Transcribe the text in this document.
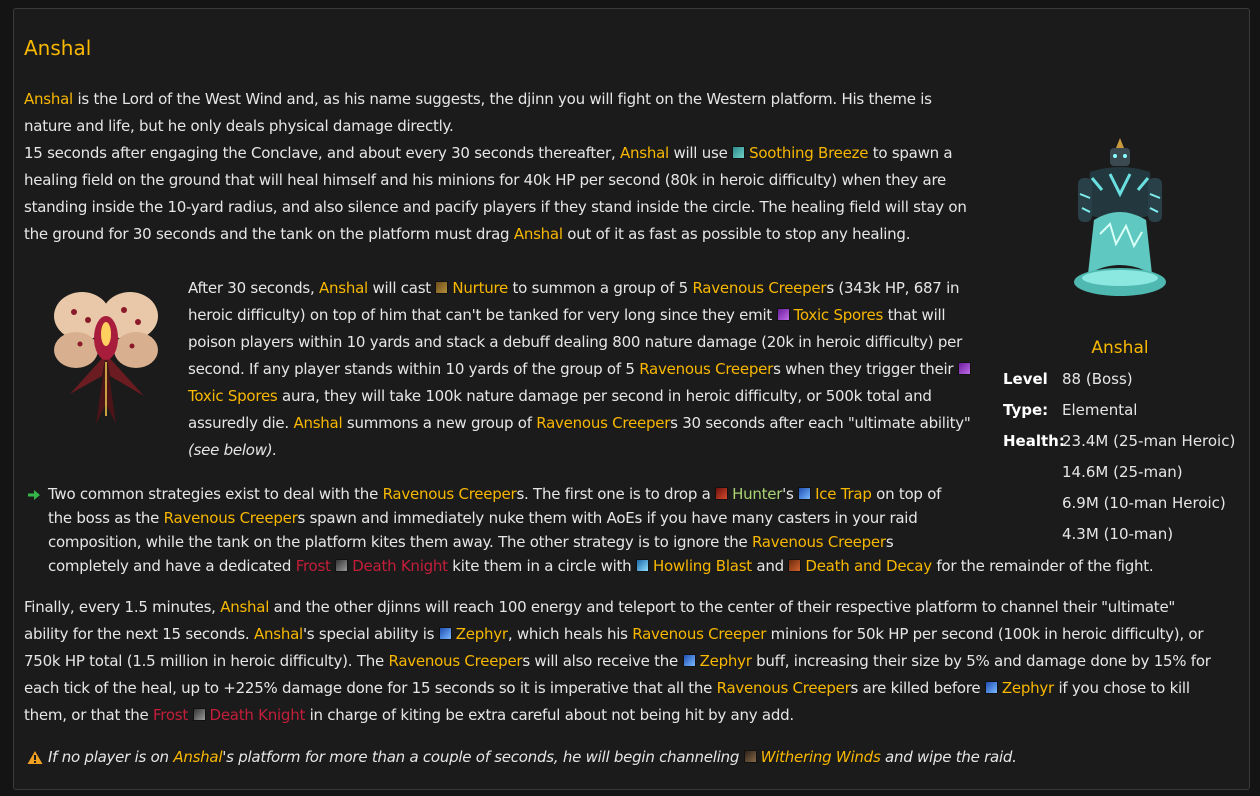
Anshal

Anshal is the Lord of the West Wind and, as his name suggests, the djinn you will fight on the Western platform. His theme is

nature and life, but he only deals physical damage directly.

15 seconds after engaging the Conclave, and about every 30 seconds thereafter, Anshal will use Soothing Breeze to spawn a

healing field on the ground that will heal himself and his minions for 40k HP per second (80k in heroic difficulty) when they are

standing inside the 10-yard radius, and also silence and pacify players if they stand inside the circle. The healing field will stay on

the ground for 30 seconds and the tank on the platform must drag Anshal out of it as fast as possible to stop any healing.

After 30 seconds, Anshal will cast Nurture to summon a group of 5 Ravenous Creepers (343k HP, 687 in

heroic difficulty) on top of him that can't be tanked for very long since they emit Toxic Spores that will

poison players within 10 yards and stack a debuff dealing 800 nature damage (20k in heroic difficulty) per

second. If any player stands within 10 yards of the group of 5 Ravenous Creepers when they trigger their

Toxic Spores aura, they will take 100k nature damage per second in heroic difficulty, or 500k total and

assuredly die. Anshal summons a new group of Ravenous Creepers 30 seconds after each "ultimate ability"

(see below).

Two common strategies exist to deal with the Ravenous Creepers. The first one is to drop a Hunter's Ice Trap on top of

the boss as the Ravenous Creepers spawn and immediately nuke them with AoEs if you have many casters in your raid

composition, while the tank on the platform kites them away. The other strategy is to ignore the Ravenous Creepers

completely and have a dedicated Frost Death Knight kite them in a circle with Howling Blast and Death and Decay for the remainder of the fight.

Finally, every 1.5 minutes, Anshal and the other djinns will reach 100 energy and teleport to the center of their respective platform to channel their "ultimate"

ability for the next 15 seconds. Anshal's special ability is Zephyr, which heals his Ravenous Creeper minions for 50k HP per second (100k in heroic difficulty), or

750k HP total (1.5 million in heroic difficulty). The Ravenous Creepers will also receive the Zephyr buff, increasing their size by 5% and damage done by 15% for

each tick of the heal, up to +225% damage done for 15 seconds so it is imperative that all the Ravenous Creepers are killed before Zephyr if you chose to kill

them, or that the Frost Death Knight in charge of kiting be extra careful about not being hit by any add.

If no player is on Anshal's platform for more than a couple of seconds, he will begin channeling Withering Winds and wipe the raid.

Anshal
Level 88 (Boss)
Type: Elemental
Health:
23.4M (25-man Heroic)
14.6M (25-man)
6.9M (10-man Heroic)
4.3M (10-man)
